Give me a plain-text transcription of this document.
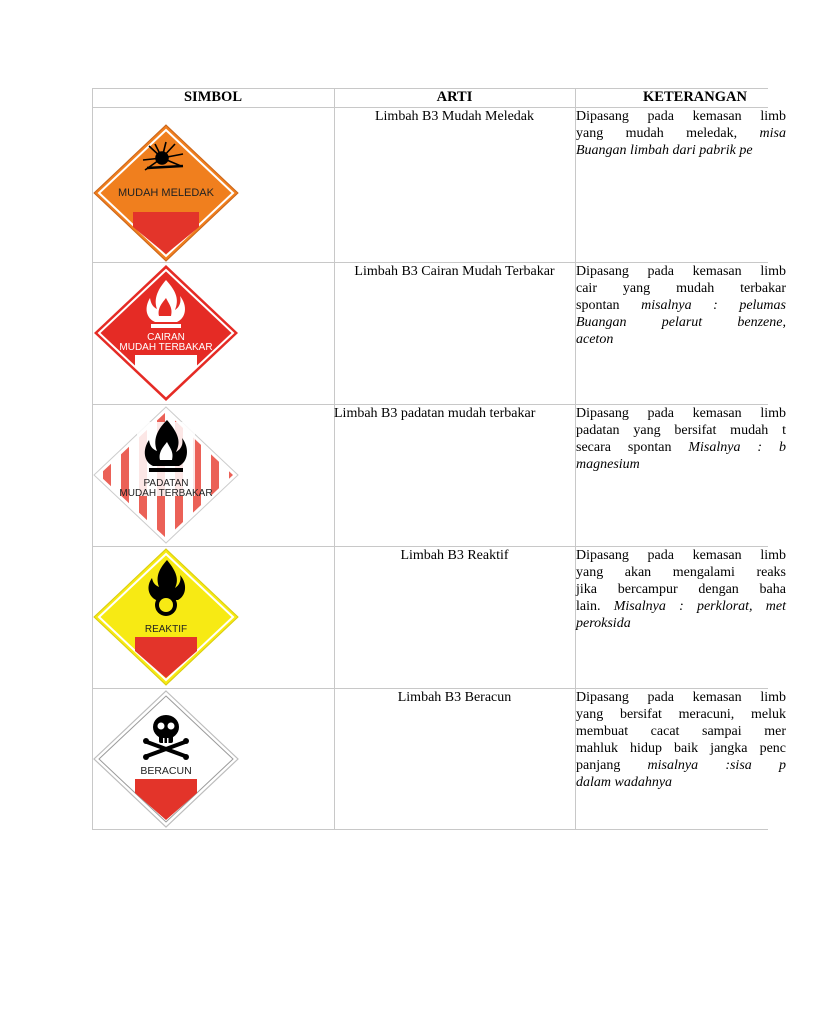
SIMBOL	ARTI	KETERANGAN
MUDAH MELEDAK
Limbah B3 Mudah Meledak	Dipasang pada kemasan limb
yang mudah meledak, misa
Buangan limbah dari pabrik pe
CAIRAN
MUDAH TERBAKAR
Limbah B3 Cairan Mudah Terbakar	Dipasang pada kemasan limb
cair yang mudah terbakar
spontan misalnya : pelumas
Buangan pelarut benzene,
aceton
PADATAN
MUDAH TERBAKAR
Limbah B3 padatan mudah terbakar	Dipasang pada kemasan limb
padatan yang bersifat mudah t
secara spontan Misalnya : b
magnesium
REAKTIF
Limbah B3 Reaktif	Dipasang pada kemasan limb
yang akan mengalami reaks
jika bercampur dengan baha
lain. Misalnya : perklorat, met
peroksida
BERACUN
Limbah B3 Beracun	Dipasang pada kemasan limb
yang bersifat meracuni, meluk
membuat cacat sampai mer
mahluk hidup baik jangka penc
panjang misalnya :sisa p
dalam wadahnya
